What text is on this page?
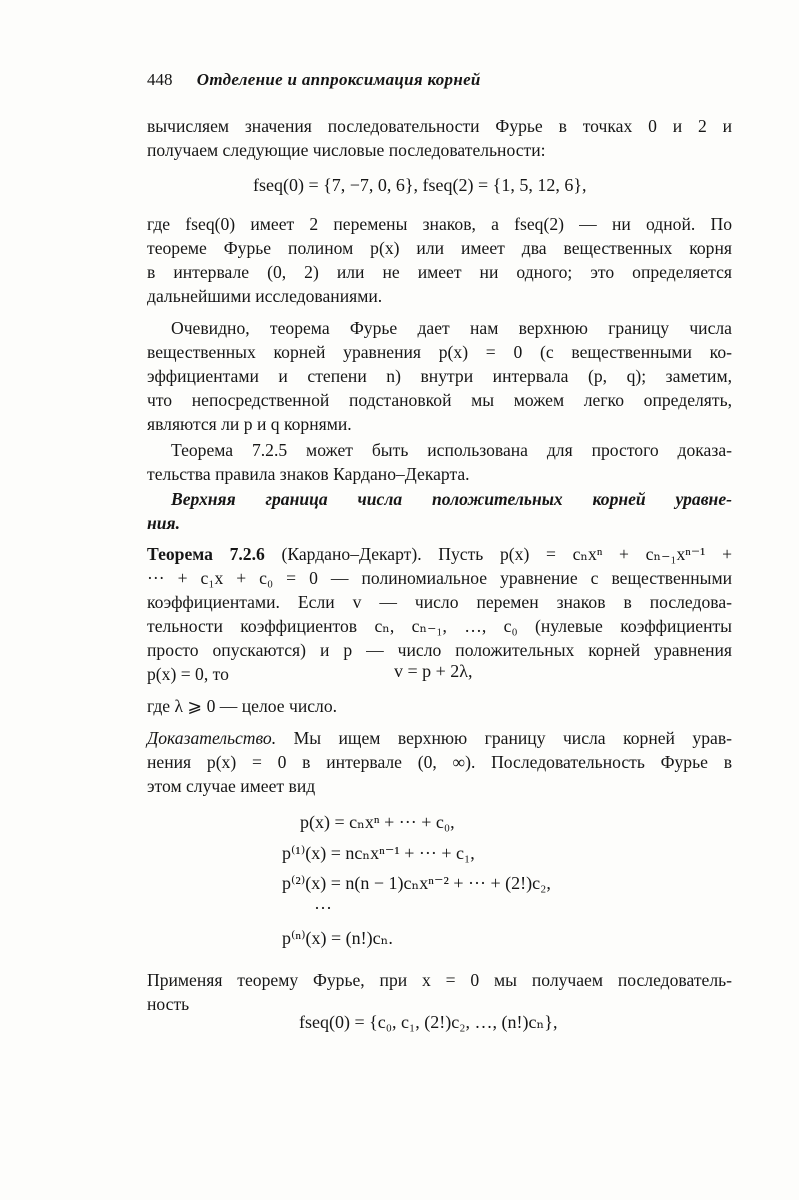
448 Отделение и аппроксимация корней
вычисляем значения последовательности Фурье в точках 0 и 2 и
получаем следующие числовые последовательности:
fseq(0) = {7, −7, 0, 6}, fseq(2) = {1, 5, 12, 6},
где fseq(0) имеет 2 перемены знаков, а fseq(2) — ни одной. По
теореме Фурье полином p(x) или имеет два вещественных корня
в интервале (0, 2) или не имеет ни одного; это определяется
дальнейшими исследованиями.
Очевидно, теорема Фурье дает нам верхнюю границу числа
вещественных корней уравнения p(x) = 0 (с вещественными ко-
эффициентами и степени n) внутри интервала (p, q); заметим,
что непосредственной подстановкой мы можем легко определять,
являются ли p и q корнями.
Теорема 7.2.5 может быть использована для простого доказа-
тельства правила знаков Кардано–Декарта.
Верхняя граница числа положительных корней уравне-
ния.
Теорема 7.2.6 (Кардано–Декарт). Пусть p(x) = cₙxⁿ + cₙ₋₁xⁿ⁻¹ +
··· + c₁x + c₀ = 0 — полиномиальное уравнение с вещественными
коэффициентами. Если v — число перемен знаков в последова-
тельности коэффициентов cₙ, cₙ₋₁, …, c₀ (нулевые коэффициенты
просто опускаются) и p — число положительных корней уравнения
p(x) = 0, то	v = p + 2λ,
где λ ⩾ 0 — целое число.
Доказательство. Мы ищем верхнюю границу числа корней урав-
нения p(x) = 0 в интервале (0, ∞). Последовательность Фурье в
этом случае имеет вид
p(x) = cₙxⁿ + ··· + c₀,
p⁽¹⁾(x) = ncₙxⁿ⁻¹ + ··· + c₁,
p⁽²⁾(x) = n(n − 1)cₙxⁿ⁻² + ··· + (2!)c₂,
···
p⁽ⁿ⁾(x) = (n!)cₙ.
Применяя теорему Фурье, при x = 0 мы получаем последователь-
ность
fseq(0) = {c₀, c₁, (2!)c₂, …, (n!)cₙ},
